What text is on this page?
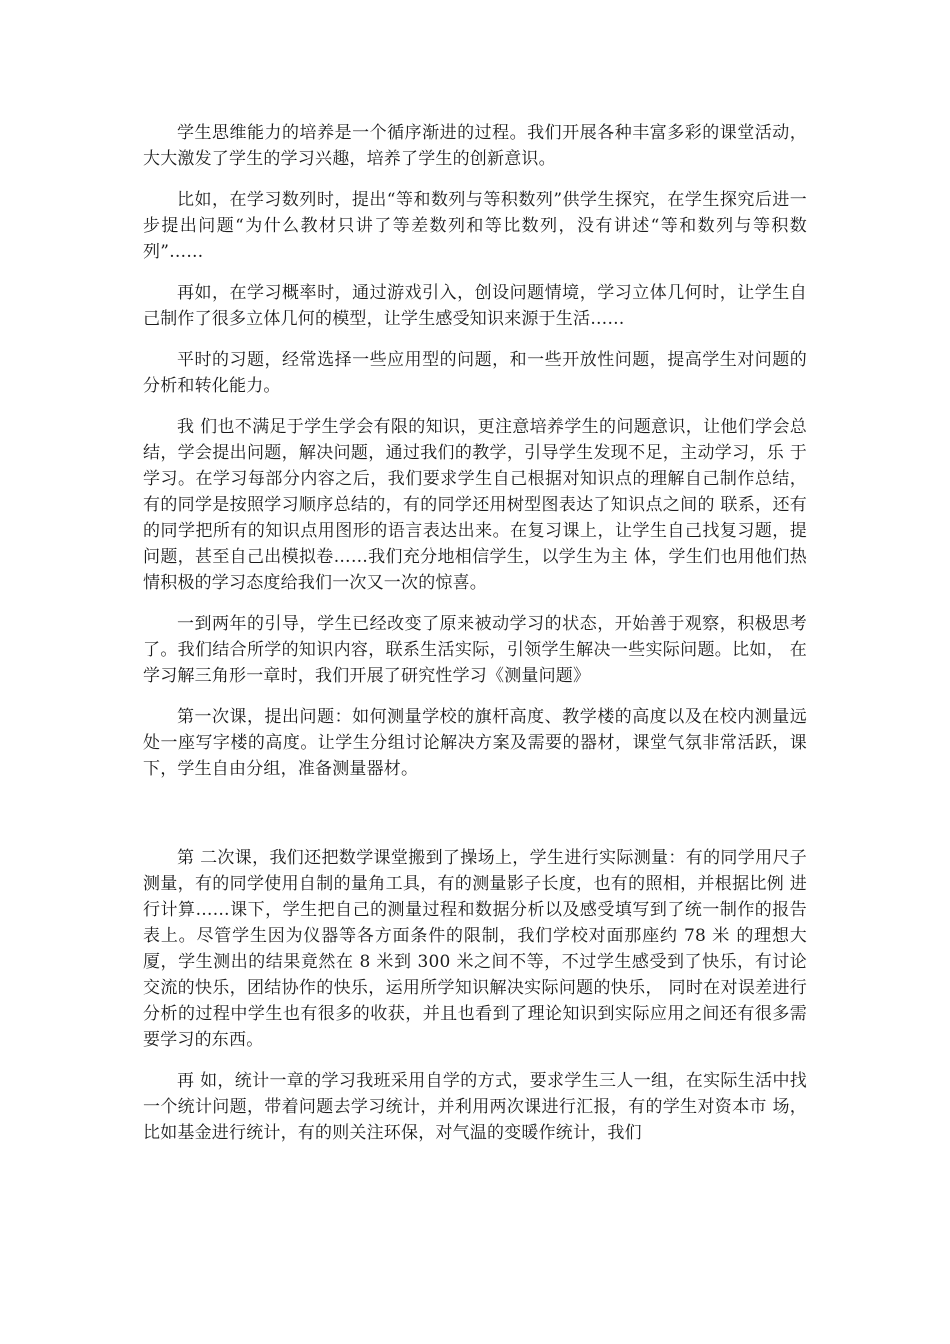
学生思维能力的培养是一个循序渐进的过程。我们开展各种丰富多彩的课堂活动，大大激发了学生的学习兴趣，培养了学生的创新意识。

比如，在学习数列时，提出“等和数列与等积数列”供学生探究，在学生探究后进一步提出问题“为什么教材只讲了等差数列和等比数列，没有讲述“等和数列与等积数列”……

再如，在学习概率时，通过游戏引入，创设问题情境，学习立体几何时，让学生自己制作了很多立体几何的模型，让学生感受知识来源于生活……

平时的习题，经常选择一些应用型的问题，和一些开放性问题，提高学生对问题的分析和转化能力。

我 们也不满足于学生学会有限的知识，更注意培养学生的问题意识，让他们学会总结，学会提出问题，解决问题，通过我们的教学，引导学生发现不足，主动学习，乐 于学习。在学习每部分内容之后，我们要求学生自己根据对知识点的理解自己制作总结，有的同学是按照学习顺序总结的，有的同学还用树型图表达了知识点之间的 联系，还有的同学把所有的知识点用图形的语言表达出来。在复习课上，让学生自己找复习题，提问题，甚至自己出模拟卷……我们充分地相信学生，以学生为主 体，学生们也用他们热情积极的学习态度给我们一次又一次的惊喜。

一到两年的引导，学生已经改变了原来被动学习的状态，开始善于观察，积极思考了。我们结合所学的知识内容，联系生活实际，引领学生解决一些实际问题。比如， 在学习解三角形一章时，我们开展了研究性学习《测量问题》

第一次课，提出问题：如何测量学校的旗杆高度、教学楼的高度以及在校内测量远处一座写字楼的高度。让学生分组讨论解决方案及需要的器材，课堂气氛非常活跃，课下，学生自由分组，准备测量器材。

第 二次课，我们还把数学课堂搬到了操场上，学生进行实际测量：有的同学用尺子测量，有的同学使用自制的量角工具，有的测量影子长度，也有的照相，并根据比例 进行计算……课下，学生把自己的测量过程和数据分析以及感受填写到了统一制作的报告表上。尽管学生因为仪器等各方面条件的限制，我们学校对面那座约 78 米 的理想大厦，学生测出的结果竟然在 8 米到 300 米之间不等，不过学生感受到了快乐，有讨论交流的快乐，团结协作的快乐，运用所学知识解决实际问题的快乐， 同时在对误差进行分析的过程中学生也有很多的收获，并且也看到了理论知识到实际应用之间还有很多需要学习的东西。

再 如，统计一章的学习我班采用自学的方式，要求学生三人一组，在实际生活中找一个统计问题，带着问题去学习统计，并利用两次课进行汇报，有的学生对资本市 场，比如基金进行统计，有的则关注环保，对气温的变暖作统计，我们
